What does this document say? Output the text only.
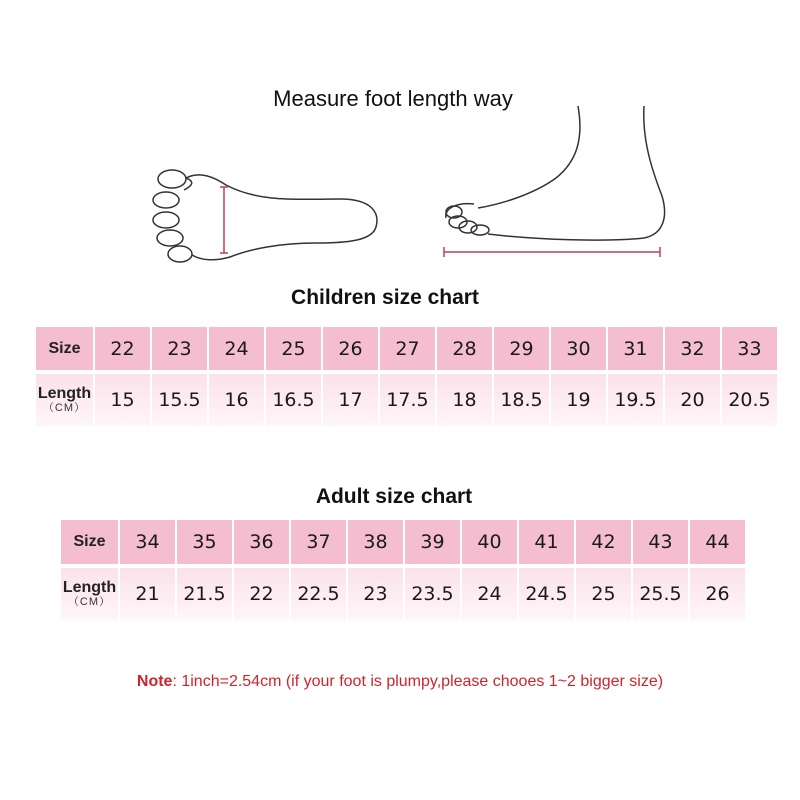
Measure foot length way
Children size chart
Size	22	23	24	25	26	27	28	29	30	31	32	33
Length
（CM）	15	15.5	16	16.5	17	17.5	18	18.5	19	19.5	20	20.5
Adult size chart
Size	34	35	36	37	38	39	40	41	42	43	44
Length
（CM）	21	21.5	22	22.5	23	23.5	24	24.5	25	25.5	26
Note: 1inch=2.54cm (if your foot is plumpy,please chooes 1~2 bigger size)
